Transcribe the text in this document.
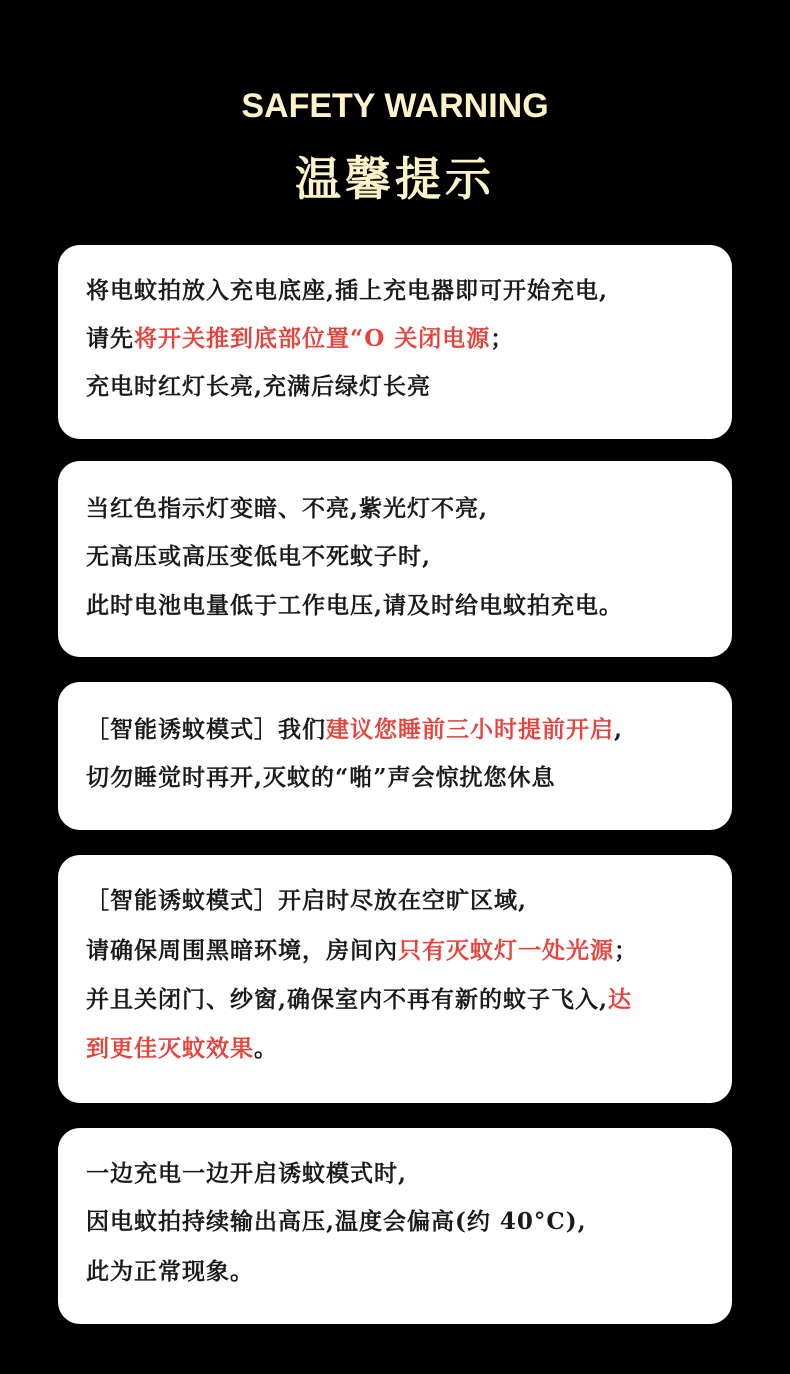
SAFETY WARNING
温馨提示
将电蚊拍放入充电底座,插上充电器即可开始充电,
请先将开关推到底部位置“O 关闭电源；
充电时红灯长亮,充满后绿灯长亮
当红色指示灯变暗、不亮,紫光灯不亮,
无高压或高压变低电不死蚊子时,
此时电池电量低于工作电压,请及时给电蚊拍充电。
［智能诱蚊模式］我们建议您睡前三小时提前开启,
切勿睡觉时再开,灭蚊的“啪”声会惊扰您休息
［智能诱蚊模式］开启时尽放在空旷区域,
请确保周围黑暗环境，房间內只有灭蚊灯一处光源；
并且关闭门、纱窗,确保室内不再有新的蚊子飞入,达
到更佳灭蚊效果。
一边充电一边开启诱蚊模式时,
因电蚊拍持续输出高压,温度会偏高(约 40°C),
此为正常现象。
